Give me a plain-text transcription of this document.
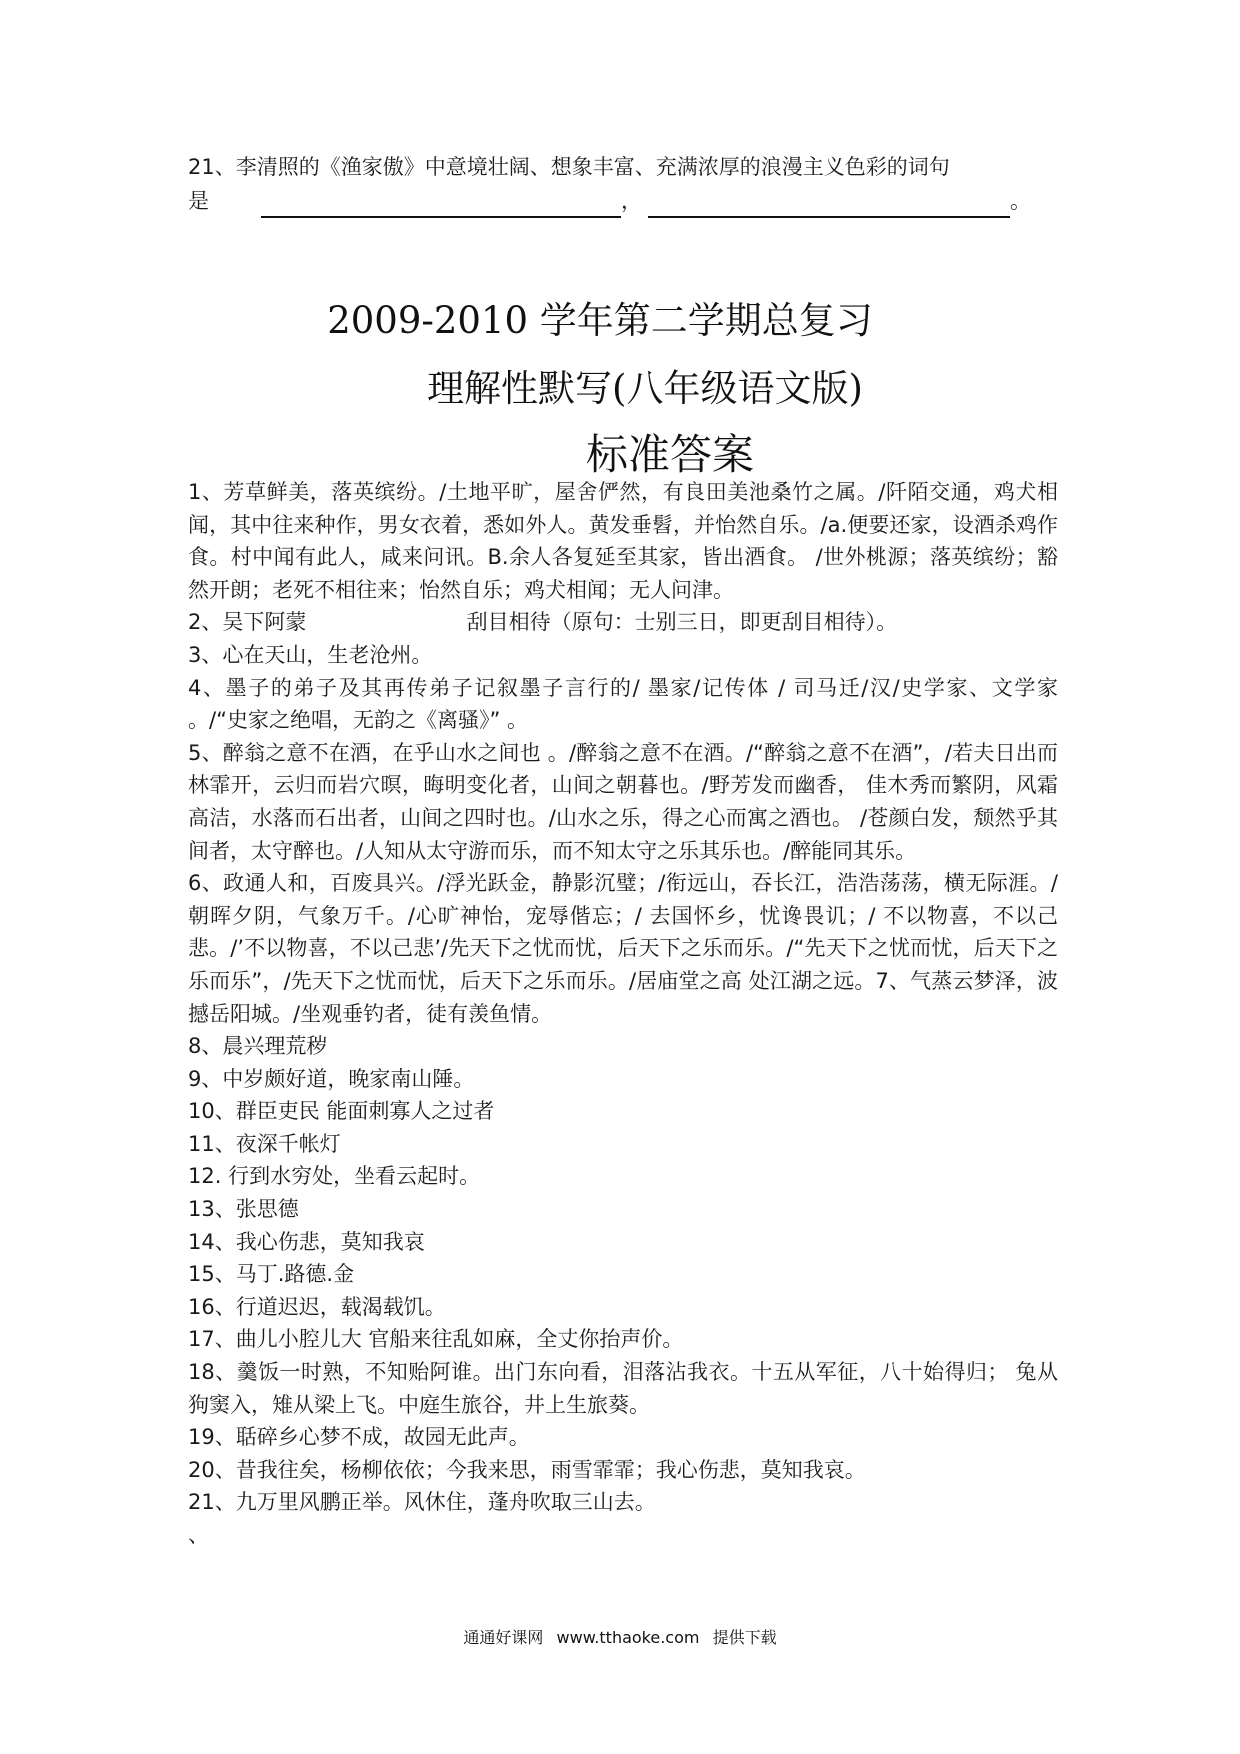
21、李清照的《渔家傲》中意境壮阔、想象丰富、充满浓厚的浪漫主义色彩的词句
是	，	。
2009-2010 学年第二学期总复习
理解性默写(八年级语文版)
标准答案

1、芳草鲜美，落英缤纷。/土地平旷，屋舍俨然，有良田美池桑竹之属。/阡陌交通，鸡犬相闻，其中往来种作，男女衣着，悉如外人。黄发垂髫，并怡然自乐。/a.便要还家，设酒杀鸡作食。村中闻有此人，咸来问讯。B.余人各复延至其家，皆出酒食。 /世外桃源；落英缤纷；豁然开朗；老死不相往来；怡然自乐；鸡犬相闻；无人问津。

2、吴下阿蒙                        刮目相待（原句：士别三日，即更刮目相待）。

3、心在天山，生老沧州。

4、墨子的弟子及其再传弟子记叙墨子言行的/ 墨家/记传体 / 司马迁/汉/史学家、文学家 。/“史家之绝唱，无韵之《离骚》” 。

5、醉翁之意不在酒，在乎山水之间也 。/醉翁之意不在酒。/“醉翁之意不在酒”，/若夫日出而林霏开，云归而岩穴暝，晦明变化者，山间之朝暮也。/野芳发而幽香， 佳木秀而繁阴，风霜高洁，水落而石出者，山间之四时也。/山水之乐，得之心而寓之酒也。 /苍颜白发，颓然乎其间者，太守醉也。/人知从太守游而乐，而不知太守之乐其乐也。/醉能同其乐。

6、政通人和，百废具兴。/浮光跃金，静影沉璧；/衔远山，吞长江，浩浩荡荡，横无际涯。/朝晖夕阴，气象万千。/心旷神怡，宠辱偕忘；/ 去国怀乡，忧谗畏讥；/ 不以物喜，不以己悲。/’不以物喜，不以己悲’/先天下之忧而忧，后天下之乐而乐。/“先天下之忧而忧，后天下之乐而乐”，/先天下之忧而忧，后天下之乐而乐。/居庙堂之高 处江湖之远。7、气蒸云梦泽，波撼岳阳城。/坐观垂钓者，徒有羡鱼情。

8、晨兴理荒秽

9、中岁颇好道，晚家南山陲。

10、群臣吏民 能面刺寡人之过者

11、夜深千帐灯

12. 行到水穷处，坐看云起时。

13、张思德

14、我心伤悲，莫知我哀

15、马丁.路德.金

16、行道迟迟，载渴载饥。

17、曲儿小腔儿大 官船来往乱如麻，全丈你抬声价。

18、羹饭一时熟，不知贻阿谁。出门东向看，泪落沾我衣。十五从军征，八十始得归； 兔从狗窦入，雉从梁上飞。中庭生旅谷，井上生旅葵。

19、聒碎乡心梦不成，故园无此声。

20、昔我往矣，杨柳依依；今我来思，雨雪霏霏；我心伤悲，莫知我哀。

21、九万里风鹏正举。风休住，蓬舟吹取三山去。

、

通通好课网 www.tthaoke.com 提供下载
